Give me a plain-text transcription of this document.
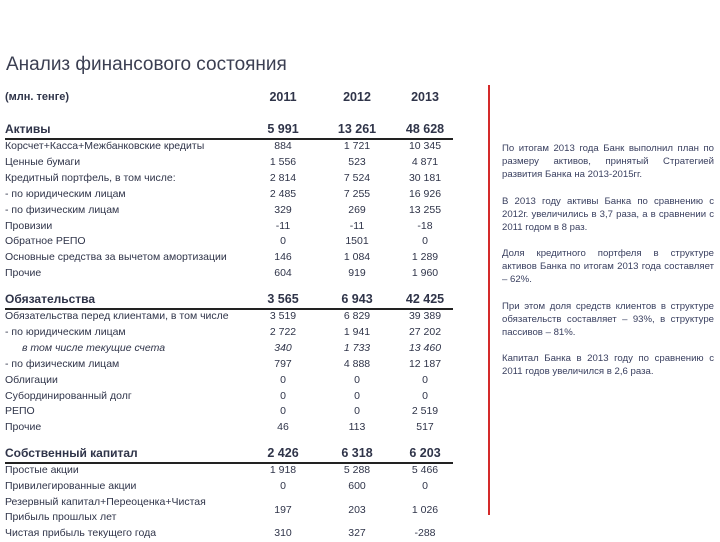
Анализ финансового состояния
(млн. тенге)	2011	2012	2013
Активы	5 991	13 261	48 628
Корсчет+Касса+Межбанковские кредиты	884	1 721	10 345
Ценные бумаги	1 556	523	4 871
Кредитный портфель, в том числе:	2 814	7 524	30 181
- по юридическим лицам	2 485	7 255	16 926
- по физическим лицам	329	269	13 255
Провизии	-11	-11	-18
Обратное РЕПО	0	1501	0
Основные средства за вычетом амортизации	146	1 084	1 289
Прочие	604	919	1 960
Обязательства	3 565	6 943	42 425
Обязательства перед клиентами, в том числе	3 519	6 829	39 389
- по юридическим лицам	2 722	1 941	27 202
в том числе текущие счета	340	1 733	13 460
- по физическим лицам	797	4 888	12 187
Облигации	0	0	0
Субординированный долг	0	0	0
РЕПО	0	0	2 519
Прочие	46	113	517
Собственный капитал	2 426	6 318	6 203
Простые акции	1 918	5 288	5 466
Привилегированные акции	0	600	0
Резервный капитал+Переоценка+Чистая Прибыль прошлых лет
197	203	1 026
Чистая прибыль текущего года	310	327	-288

По итогам 2013 года Банк выполнил план по размеру активов, принятый Стратегией развития Банка на 2013-2015гг.

В 2013 году активы Банка по сравнению с 2012г. увеличились в 3,7 раза, а в сравнении с 2011 годом в 8 раз.

Доля кредитного портфеля в структуре активов Банка по итогам 2013 года составляет – 62%.

При этом доля средств клиентов в структуре обязательств составляет – 93%, в структуре пассивов – 81%.

Капитал Банка в 2013 году по сравнению с 2011 годов увеличился в 2,6 раза.
